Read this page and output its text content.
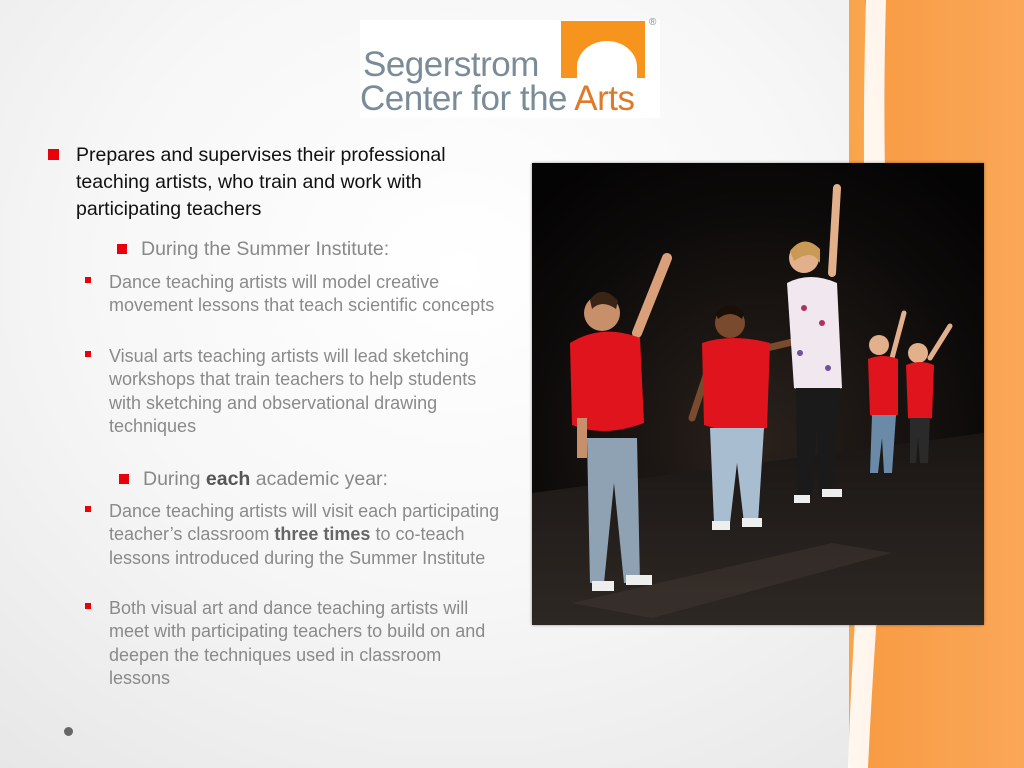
®
Segerstrom
Center for the Arts
Prepares and supervises their professional teaching artists, who train and work with participating teachers
During the Summer Institute:
Dance teaching artists will model creative movement lessons that teach scientific concepts
Visual arts teaching artists will lead sketching workshops that train teachers to help students with sketching and observational drawing techniques
During each academic year:
Dance teaching artists will visit each participating teacher’s classroom three times to co-teach lessons introduced during the Summer Institute
Both visual art and dance teaching artists will meet with participating teachers to build on and deepen the techniques used in classroom lessons
